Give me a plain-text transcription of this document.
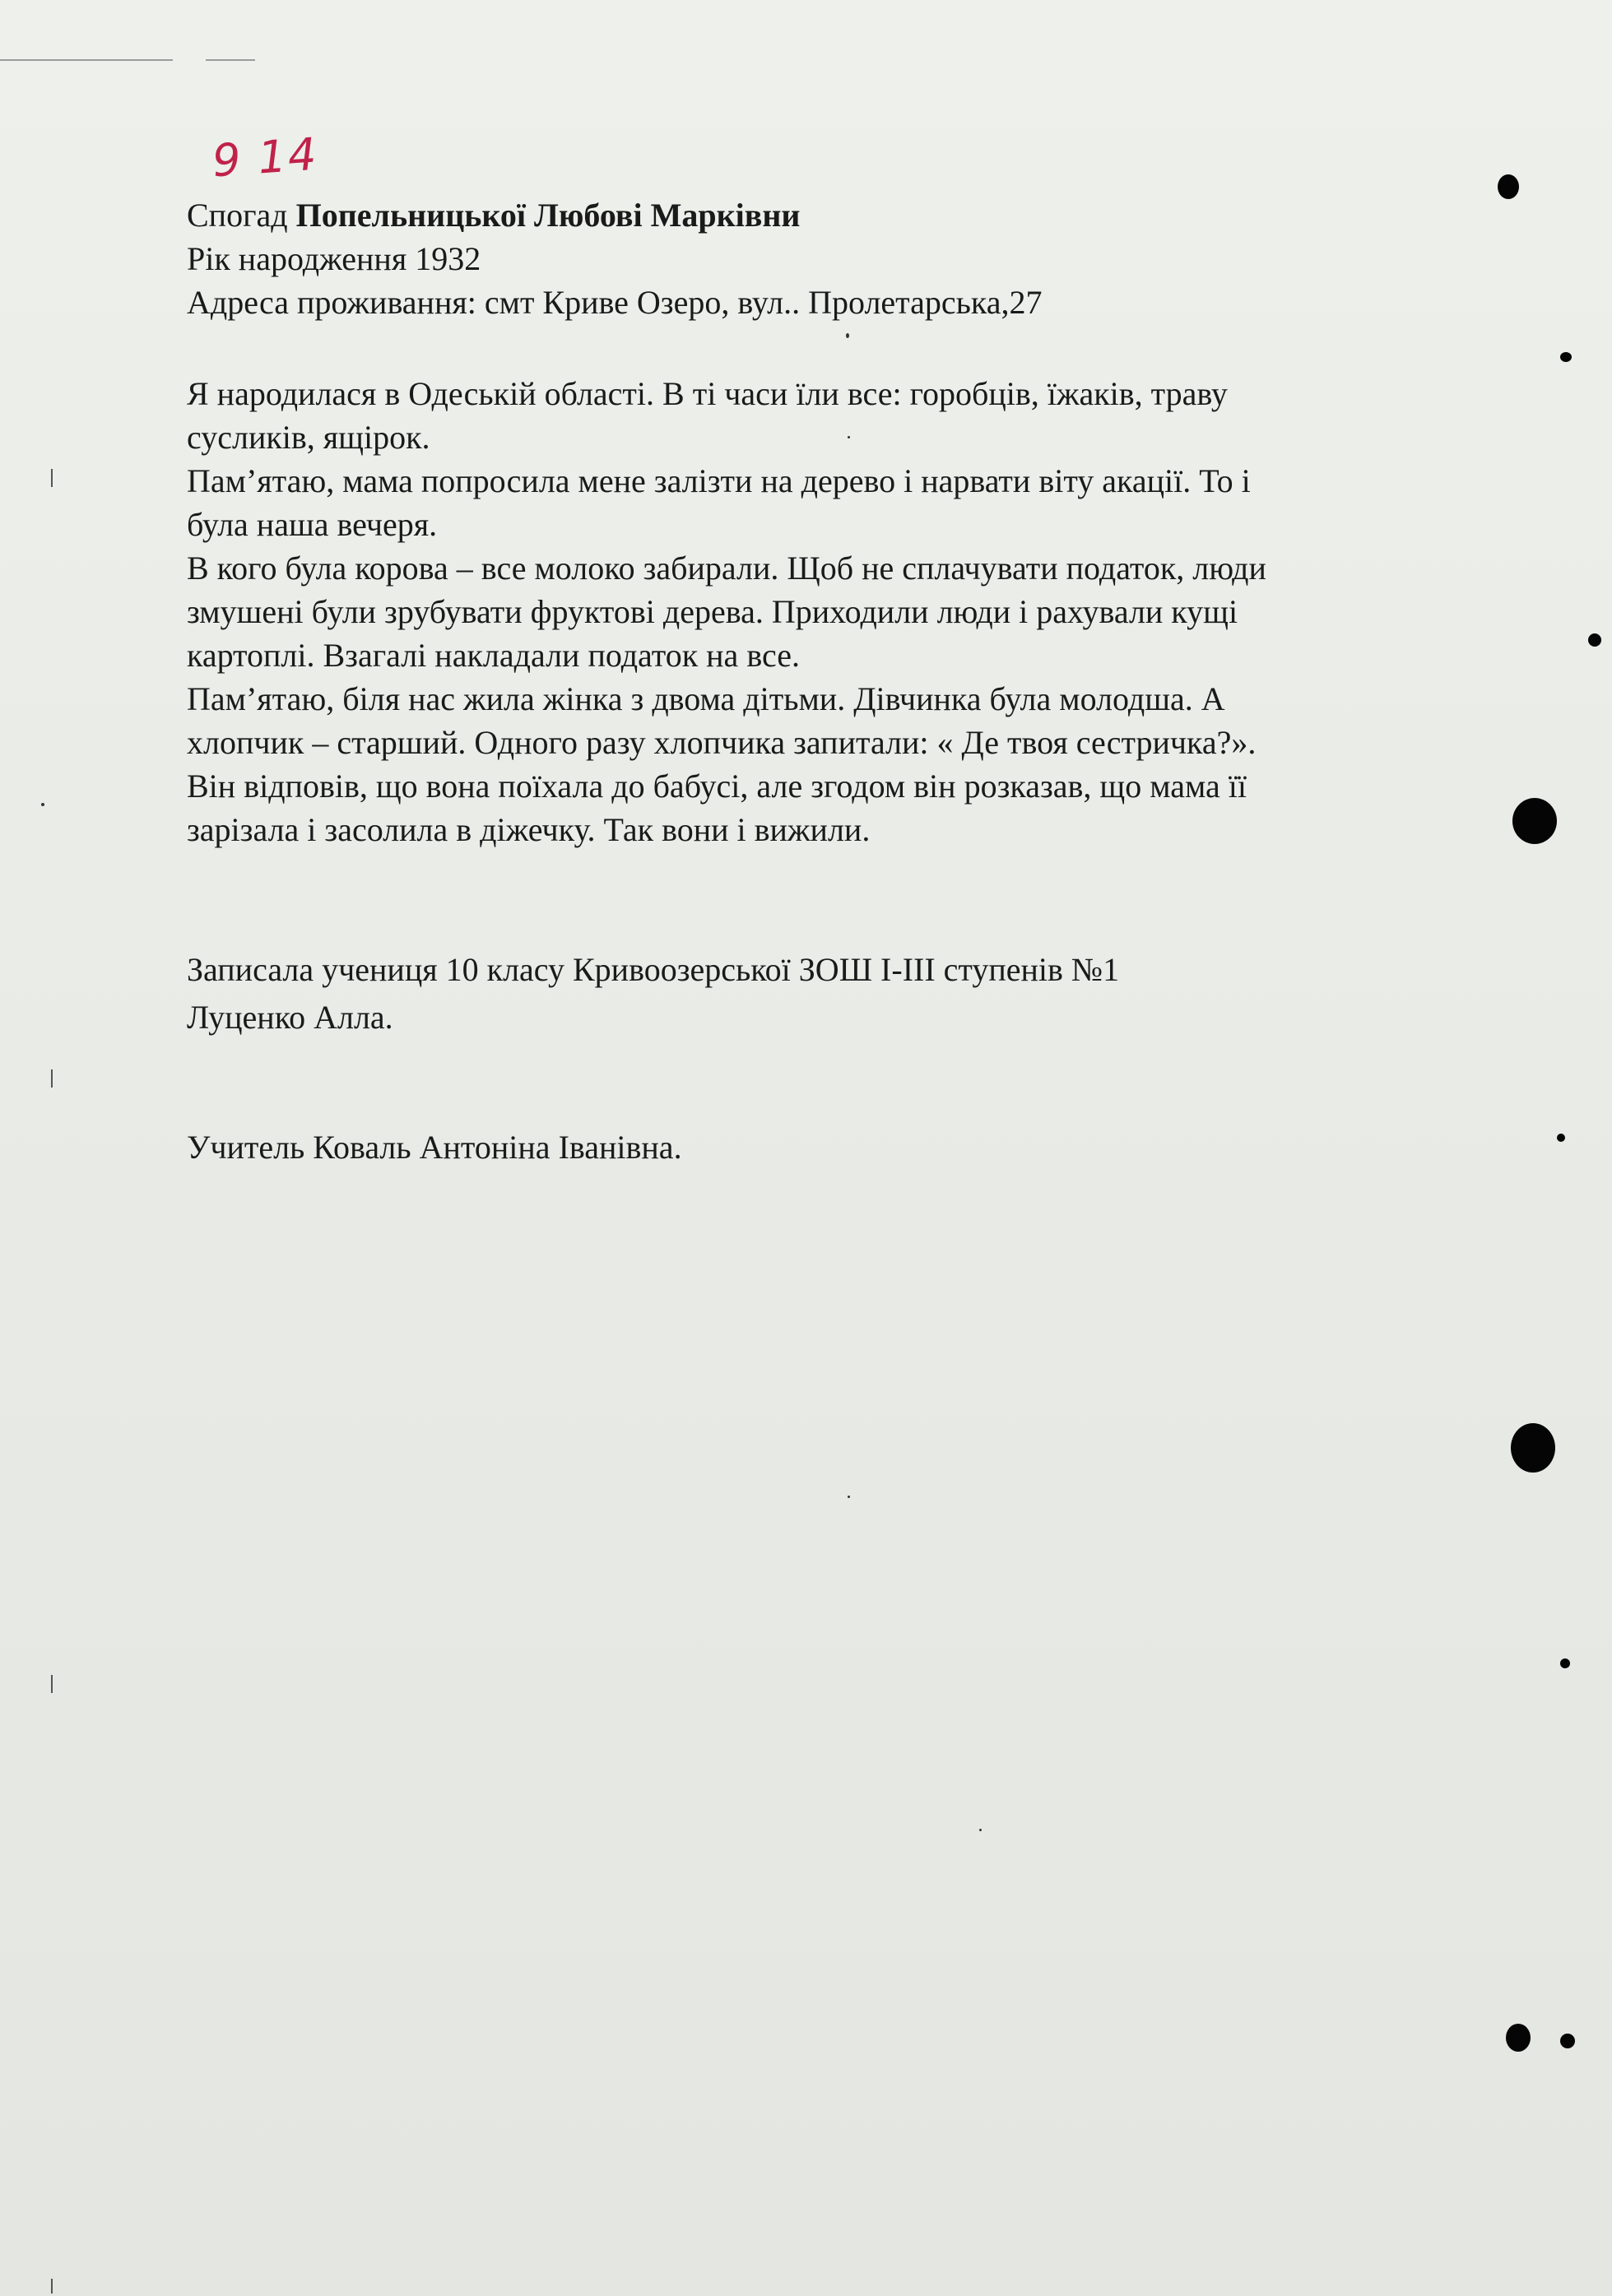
9 14
Спогад Попельницької Любові Марківни
Рік народження 1932
Адреса проживання: смт Криве Озеро, вул.. Пролетарська,27

Я народилася в Одеській області. В ті часи їли все: горобців, їжаків, траву

сусликів, ящірок.

Пам’ятаю, мама попросила мене залізти на дерево і нарвати віту акації. То і

була наша вечеря.

В кого була корова – все молоко забирали. Щоб не сплачувати податок, люди

змушені були зрубувати фруктові дерева. Приходили люди і рахували кущі

картоплі. Взагалі накладали податок на все.

Пам’ятаю, біля нас жила жінка з двома дітьми. Дівчинка була молодша. А

хлопчик – старший. Одного разу хлопчика запитали: « Де твоя сестричка?».

Він відповів, що вона поїхала до бабусі, але згодом він розказав, що мама її

зарізала і засолила в діжечку. Так вони і вижили.

Записала учениця 10 класу Кривоозерської ЗОШ І-ІІІ ступенів №1
Луценко Алла.
Учитель Коваль Антоніна Іванівна.
